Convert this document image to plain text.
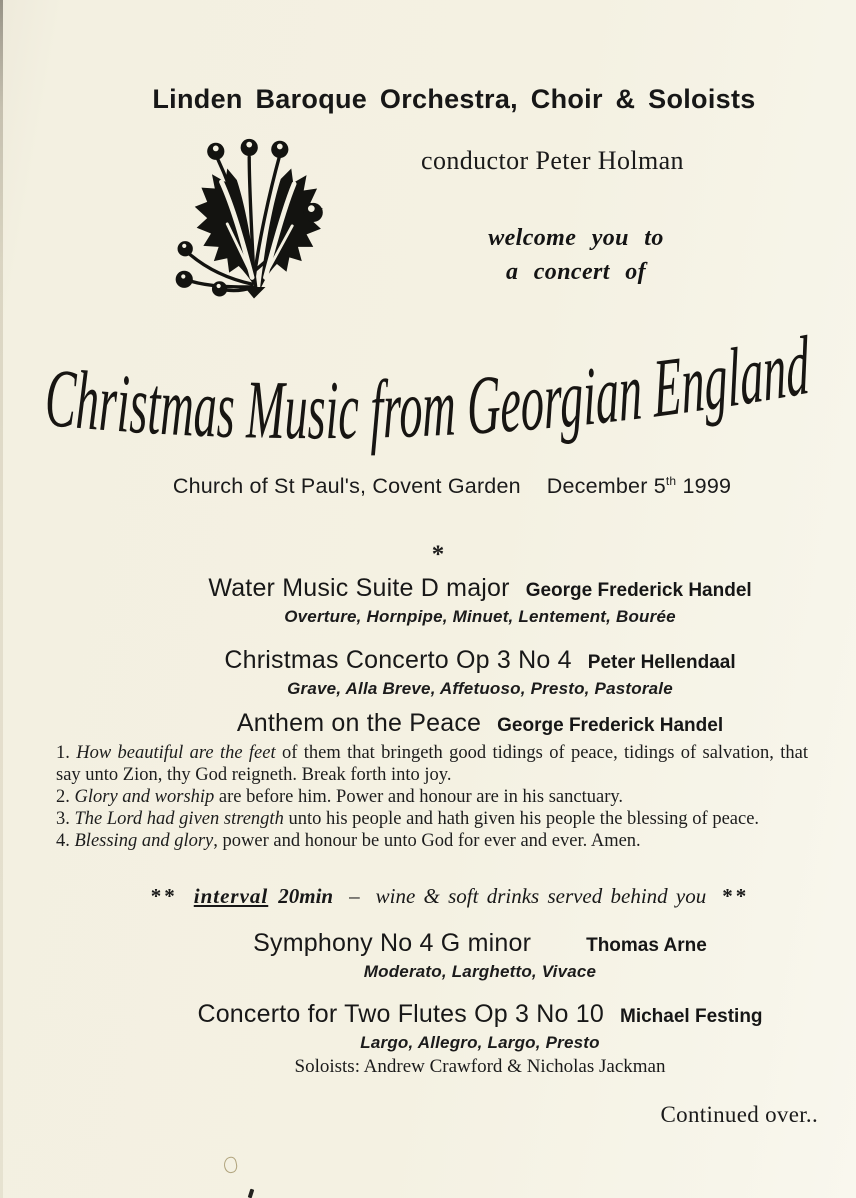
Linden Baroque Orchestra, Choir & Soloists
conductor Peter Holman
welcome you to
a concert of
Christmas Music from Georgian England
Church of St Paul's, Covent Garden December 5th 1999
*
Water Music Suite D major George Frederick Handel
Overture, Hornpipe, Minuet, Lentement, Bourée
Christmas Concerto Op 3 No 4 Peter Hellendaal
Grave, Alla Breve, Affetuoso, Presto, Pastorale
Anthem on the Peace George Frederick Handel

1. How beautiful are the feet of them that bringeth good tidings of peace, tidings of salvation, that say unto Zion, thy God reigneth. Break forth into joy.

2. Glory and worship are before him. Power and honour are in his sanctuary.

3. The Lord had given strength unto his people and hath given his people the blessing of peace.

4. Blessing and glory, power and honour be unto God for ever and ever. Amen.

** interval 20min – wine & soft drinks served behind you **
Symphony No 4 G minor	Thomas Arne
Moderato, Larghetto, Vivace
Concerto for Two Flutes Op 3 No 10 Michael Festing
Largo, Allegro, Largo, Presto
Soloists: Andrew Crawford & Nicholas Jackman
Continued over..
